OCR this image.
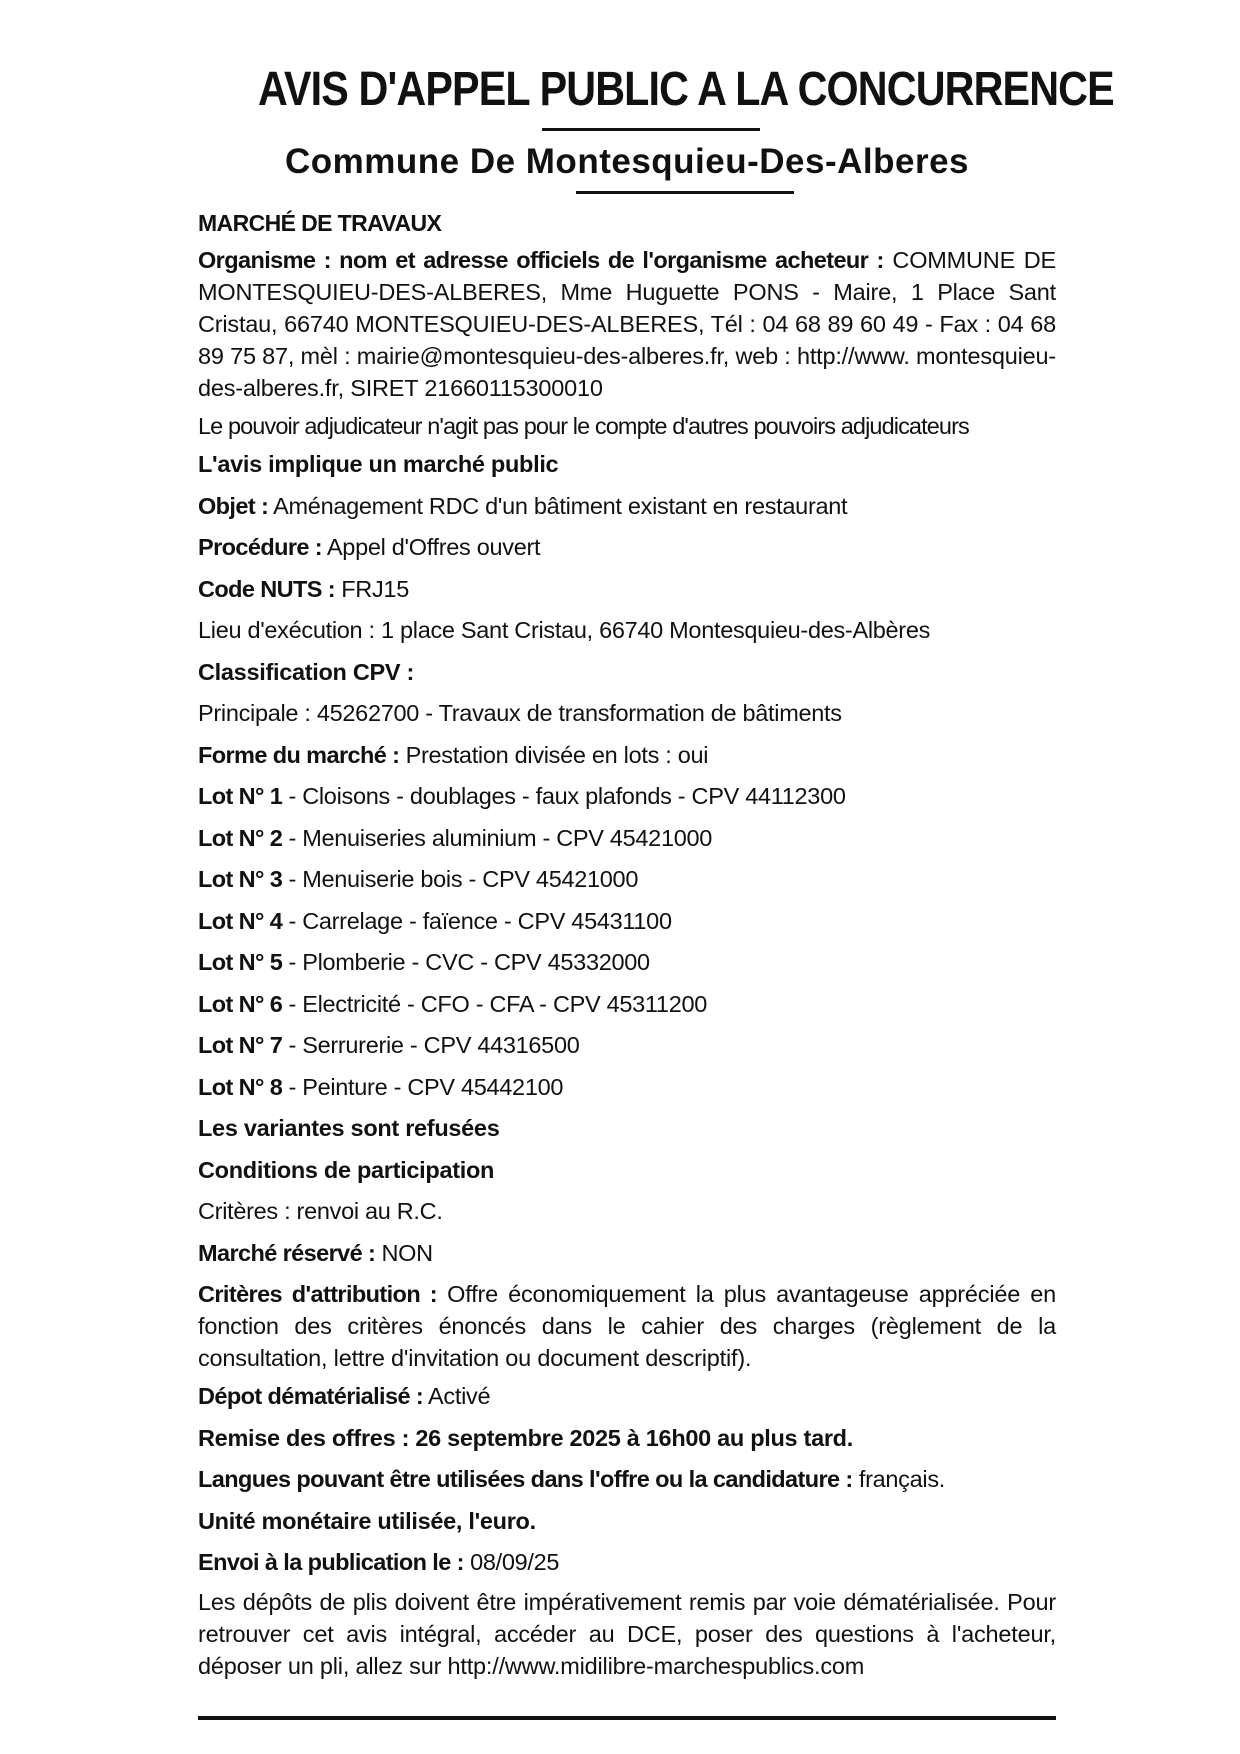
AVIS D'APPEL PUBLIC A LA CONCURRENCE
Commune De Montesquieu-Des-Alberes
MARCHÉ DE TRAVAUX

Organisme : nom et adresse officiels de l'organisme acheteur : COMMUNE DE MONTESQUIEU-DES-ALBERES, Mme Huguette PONS - Maire, 1 Place Sant Cristau, 66740 MONTESQUIEU-DES-ALBERES, Tél : 04 68 89 60 49 - Fax : 04 68 89 75 87, mèl : mairie@montesquieu-des-alberes.fr, web : http://www. montesquieu-des-alberes.fr, SIRET 21660115300010

Le pouvoir adjudicateur n'agit pas pour le compte d'autres pouvoirs adjudicateurs

L'avis implique un marché public
Objet : Aménagement RDC d'un bâtiment existant en restaurant
Procédure : Appel d'Offres ouvert
Code NUTS : FRJ15
Lieu d'exécution : 1 place Sant Cristau, 66740 Montesquieu-des-Albères
Classification CPV :
Principale : 45262700 - Travaux de transformation de bâtiments
Forme du marché : Prestation divisée en lots : oui
Lot N° 1 - Cloisons - doublages - faux plafonds - CPV 44112300
Lot N° 2 - Menuiseries aluminium - CPV 45421000
Lot N° 3 - Menuiserie bois - CPV 45421000
Lot N° 4 - Carrelage - faïence - CPV 45431100
Lot N° 5 - Plomberie - CVC - CPV 45332000
Lot N° 6 - Electricité - CFO - CFA - CPV 45311200
Lot N° 7 - Serrurerie - CPV 44316500
Lot N° 8 - Peinture - CPV 45442100
Les variantes sont refusées
Conditions de participation
Critères : renvoi au R.C.
Marché réservé : NON

Critères d'attribution : Offre économiquement la plus avantageuse appréciée en fonction des critères énoncés dans le cahier des charges (règlement de la consultation, lettre d'invitation ou document descriptif).

Dépot dématérialisé : Activé
Remise des offres : 26 septembre 2025 à 16h00 au plus tard.
Langues pouvant être utilisées dans l'offre ou la candidature : français.
Unité monétaire utilisée, l'euro.
Envoi à la publication le : 08/09/25

Les dépôts de plis doivent être impérativement remis par voie dématérialisée. Pour retrouver cet avis intégral, accéder au DCE, poser des questions à l'acheteur, déposer un pli, allez sur http://www.midilibre-marchespublics.com
